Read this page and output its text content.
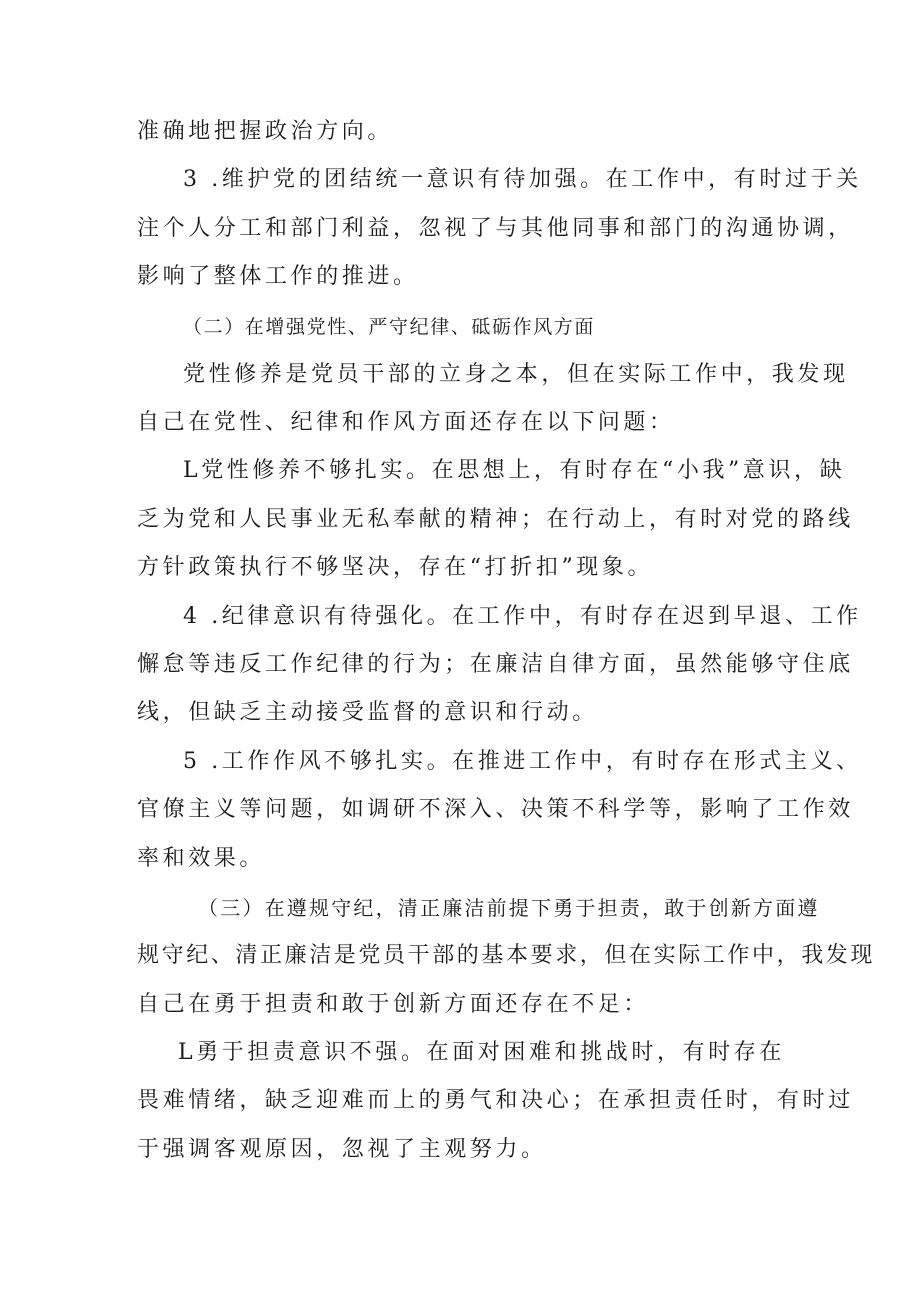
准确地把握政治方向。
3 .维护党的团结统一意识有待加强。在工作中，有时过于关
注个人分工和部门利益，忽视了与其他同事和部门的沟通协调，
影响了整体工作的推进。
（二）在增强党性、严守纪律、砥砺作风方面
党性修养是党员干部的立身之本，但在实际工作中，我发现
自己在党性、纪律和作风方面还存在以下问题：
L党性修养不够扎实。在思想上，有时存在“小我”意识，缺
乏为党和人民事业无私奉献的精神；在行动上，有时对党的路线
方针政策执行不够坚决，存在“打折扣”现象。
4 .纪律意识有待强化。在工作中，有时存在迟到早退、工作
懈怠等违反工作纪律的行为；在廉洁自律方面，虽然能够守住底
线，但缺乏主动接受监督的意识和行动。
5 .工作作风不够扎实。在推进工作中，有时存在形式主义、
官僚主义等问题，如调研不深入、决策不科学等，影响了工作效
率和效果。
（三）在遵规守纪，清正廉洁前提下勇于担责，敢于创新方面遵
规守纪、清正廉洁是党员干部的基本要求，但在实际工作中，我发现
自己在勇于担责和敢于创新方面还存在不足：
L勇于担责意识不强。在面对困难和挑战时，有时存在
畏难情绪，缺乏迎难而上的勇气和决心；在承担责任时，有时过
于强调客观原因，忽视了主观努力。
